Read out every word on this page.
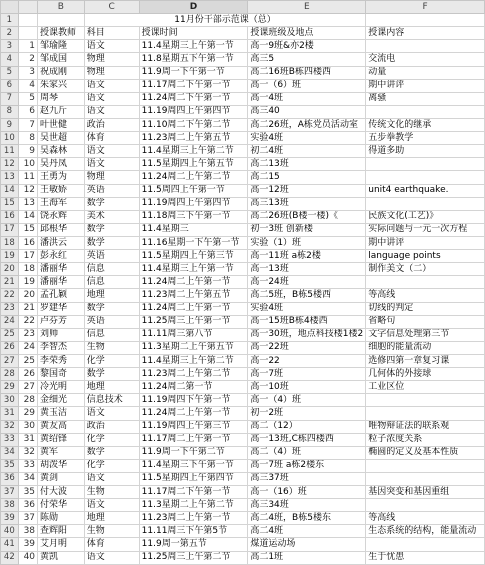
		B	C	D	E	F
1			11月份干部示范课（总）			
2		授课教师	科目	授课时间	授课班级及地点	授课内容
3	1	邹瑜隆	语文	11.4星期三上午第一节	高一9班&亦2楼	
4	2	邹成国	物理	11.8星期五下午第一节	高三5	交流电
5	3	祝成刚	物理	11.9周一下午第一节	高二16班B栋四楼西	动量
6	4	朱家兴	语文	11.17周二下午第一节	高一（6）班	期中讲评
7	5	周琴	语文	11.24周二下午第一节	高一4班	离骚
8	6	赵九斤	语文	11.19周四上午第四节	高三40	
9	7	叶世健	政治	11.10周二下午第二节	高二26班，A栋党员活动室	传统文化的继承
10	8	吴世超	体育	11.23周二上午第五节	实验4班	五步拳教学
11	9	吴森林	语文	11.4星期三上午第二节	初二4班	得道多助
12	10	吴丹凤	语文	11.5星期四上午第五节	高二13班	
13	11	王勇为	物理	11.24周二上午第二节	高二15	
14	12	王敏娇	英语	11.5周四上午第一节	高一12班	unit4 earthquake.
15	13	王海军	数学	11.19周四上午第四节	高三13班	
16	14	饶永辉	美术	11.18周三下午第一节	高二26班(B楼一楼)《	民族文化(工艺)》
17	15	邱根华	数学	11.4星期三	初一3班 创新楼	实际问题与一元一次方程
18	16	潘洪云	数学	11.16星期一下午第一节	实验（1）班	期中讲评
19	17	彭永红	英语	11.5星期四上午第三节	高一11班 a栋2楼	language points
20	18	潘丽华	信息	11.4星期三上午第一节	高一13班	制作美文（二）
21	19	潘丽华	信息	11.24周二上午第一节	高一24班	
22	20	孟孔颖	地理	11.23周二上午第五节	高二5班，B栋5楼西	等高线
23	21	罗建华	数学	11.24周二上午第一节	实验4班	切线的判定
24	22	卢芬芳	英语	11.25周三上午第一节	高一15班B栋4楼西	省略句
25	23	刘帅	信息	11.11周三第八节	高一30班，地点科技楼1楼2	文字信息处理第三节
26	24	李智杰	生物	11.3星期二上午第五节	高一22班	细胞的能量流动
27	25	李荣秀	化学	11.4星期三上午第二节	高一22	选修四第一章复习课
28	26	黎国奇	数学	11.23周二上午第二节	高一7班	几何体的外接球
29	27	冷光明	地理	11.24周二第一节	高一10班	工业区位
30	28	金细光	信息技术	11.19周四下午第一节	高一（4）班	
31	29	黄玉洁	语文	11.24周二上午第一节	初一2班	
32	30	黄友高	政治	11.19周四上午第三节	高二（12）	唯物辩证法的联系观
33	31	黄绍锋	化学	11.17周二上午第一节	高一13班,C栋四楼西	粒子浓度关系
34	32	黄军	数学	11.9周一下午第二节	高二（4）班	椭圆的定义及基本性质
35	33	胡泼华	化学	11.4星期三下午第一节	高一7班 a栋2楼东	
36	34	黄剑	语文	11.5星期四上午第四节	高三37班	
37	35	付大波	生物	11.17周二下午第一节	高一（16）班	基因突变和基因重组
38	36	付荣华	语文	11.3星期二上午第二节	高三34班	
39	37	陈勋	地理	11.23周二上午第一节	高二4班，B栋5楼东	等高线
40	38	查辉阳	生物	11.11周三下午第5节	高二4班	生态系统的结构，能量流动
41	39	艾月明	体育	11.9周一第五节	煤道运动场	
42	40	黄凯	语文	11.25周三上午第二节	高二1班	生于忧患
